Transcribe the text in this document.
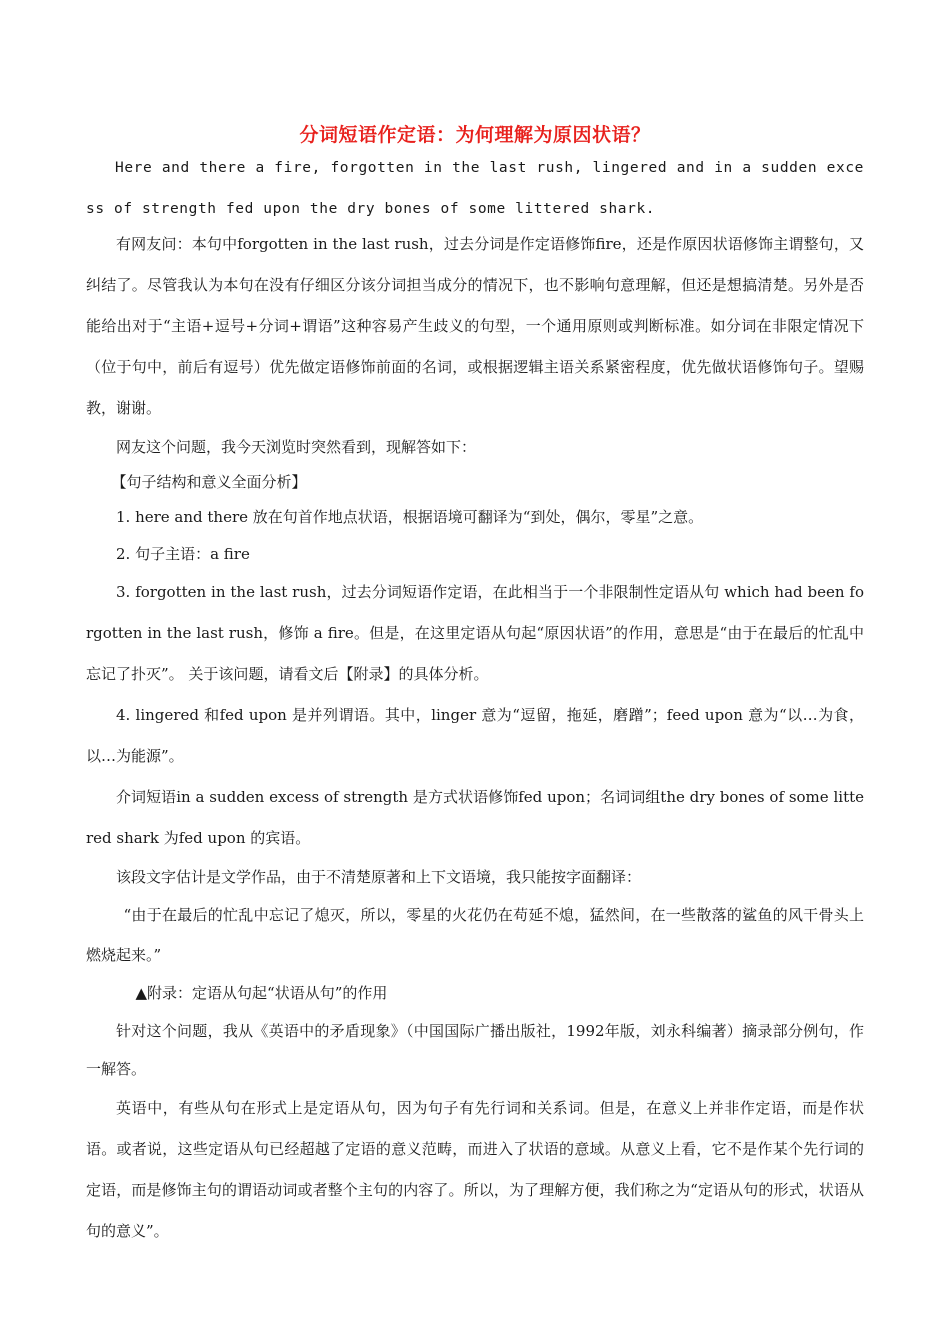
分词短语作定语：为何理解为原因状语？

Here and there a fire, forgotten in the last rush, lingered and in a sudden excess of strength fed upon the dry bones of some littered shark.

有网友问：本句中forgotten in the last rush，过去分词是作定语修饰fire，还是作原因状语修饰主谓整句，又纠结了。尽管我认为本句在没有仔细区分该分词担当成分的情况下，也不影响句意理解，但还是想搞清楚。另外是否能给出对于“主语+逗号+分词+谓语”这种容易产生歧义的句型，一个通用原则或判断标准。如分词在非限定情况下（位于句中，前后有逗号）优先做定语修饰前面的名词，或根据逻辑主语关系紧密程度，优先做状语修饰句子。望赐教，谢谢。

网友这个问题，我今天浏览时突然看到，现解答如下：

【句子结构和意义全面分析】

1. here and there 放在句首作地点状语，根据语境可翻译为“到处，偶尔，零星”之意。

2. 句子主语：a fire

3. forgotten in the last rush，过去分词短语作定语，在此相当于一个非限制性定语从句 which had been forgotten in the last rush，修饰 a fire。但是，在这里定语从句起“原因状语”的作用，意思是“由于在最后的忙乱中忘记了扑灭”。 关于该问题，请看文后【附录】的具体分析。

4. lingered 和fed upon 是并列谓语。其中，linger 意为“逗留，拖延，磨蹭”；feed upon 意为“以…为食，以…为能源”。

介词短语in a sudden excess of strength 是方式状语修饰fed upon；名词词组the dry bones of some littered shark 为fed upon 的宾语。

该段文字估计是文学作品，由于不清楚原著和上下文语境，我只能按字面翻译：

“由于在最后的忙乱中忘记了熄灭，所以，零星的火花仍在苟延不熄，猛然间，在一些散落的鲨鱼的风干骨头上燃烧起来。”

▲附录：定语从句起“状语从句”的作用

针对这个问题，我从《英语中的矛盾现象》（中国国际广播出版社，1992年版，刘永科编著）摘录部分例句，作一解答。

英语中，有些从句在形式上是定语从句，因为句子有先行词和关系词。但是，在意义上并非作定语，而是作状语。或者说，这些定语从句已经超越了定语的意义范畴，而进入了状语的意域。从意义上看，它不是作某个先行词的定语，而是修饰主句的谓语动词或者整个主句的内容了。所以，为了理解方便，我们称之为“定语从句的形式，状语从句的意义”。
